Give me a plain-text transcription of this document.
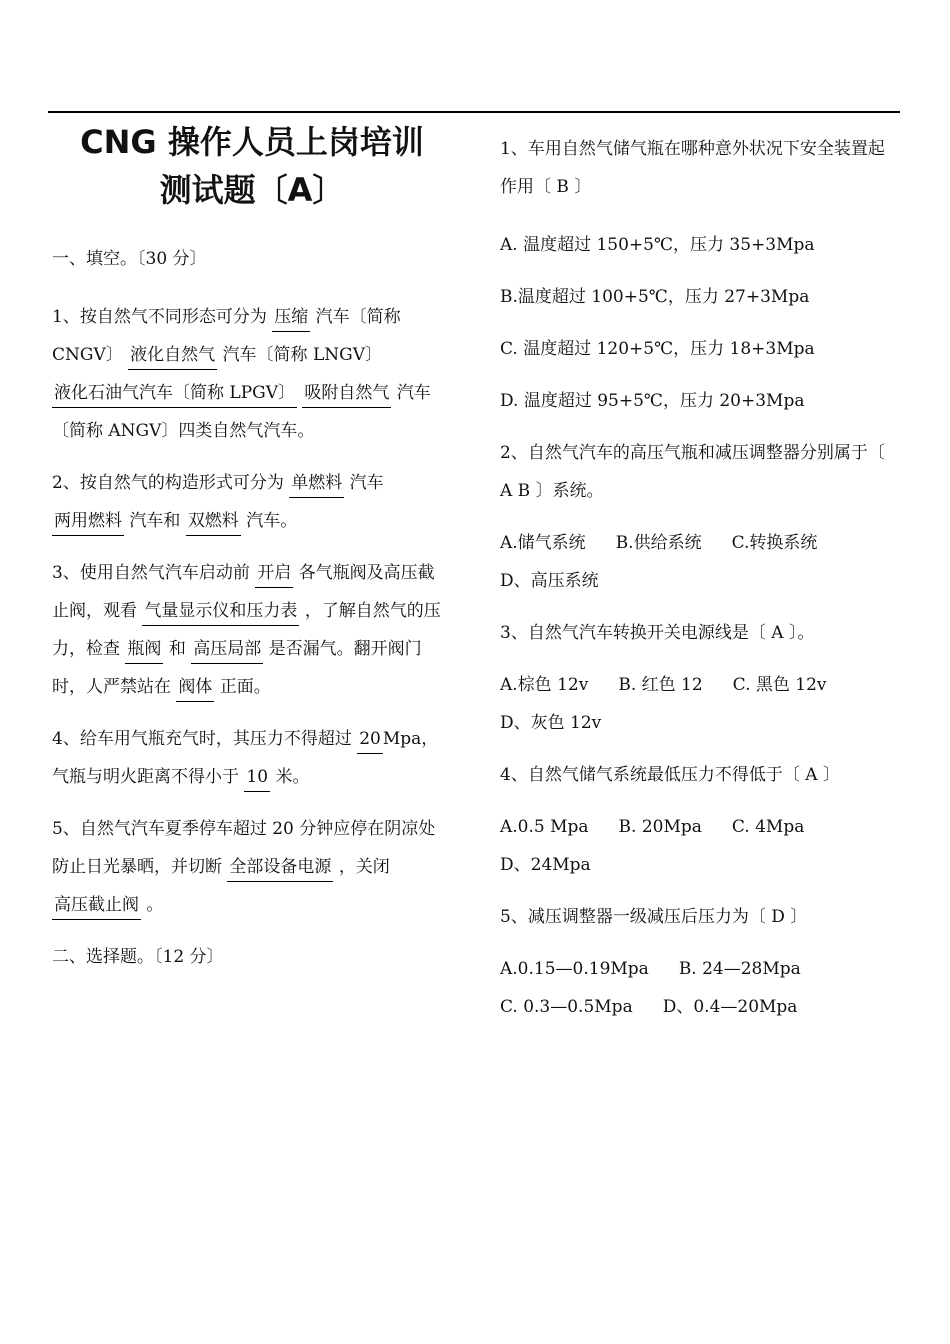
CNG 操作人员上岗培训
测试题〔A〕

一、填空。〔30 分〕

1、按自然气不同形态可分为 压缩 汽车〔简称 CNGV〕 液化自然气 汽车〔简称 LNGV〕 液化石油气汽车〔简称 LPGV〕 吸附自然气 汽车〔简称 ANGV〕四类自然气汽车。

2、按自然气的构造形式可分为 单燃料 汽车 两用燃料 汽车和 双燃料 汽车。

3、使用自然气汽车启动前 开启 各气瓶阀及高压截止阀，观看 气量显示仪和压力表 ，了解自然气的压力，检查 瓶阀 和 高压局部 是否漏气。翻开阀门时，人严禁站在 阀体 正面。

4、给车用气瓶充气时，其压力不得超过 20 Mpa，气瓶与明火距离不得小于 10 米。

5、自然气汽车夏季停车超过 20 分钟应停在阴凉处防止日光暴晒，并切断 全部设备电源 ，关闭 高压截止阀 。

二、选择题。〔12 分〕

1、车用自然气储气瓶在哪种意外状况下安全装置起作用〔 B 〕

A. 温度超过 150+5℃，压力 35+3Mpa

B.温度超过 100+5℃，压力 27+3Mpa

C. 温度超过 120+5℃，压力 18+3Mpa

D. 温度超过 95+5℃，压力 20+3Mpa

2、自然气汽车的高压气瓶和减压调整器分别属于〔 A B 〕系统。

A.储气系统 B.供给系统 C.转换系统
D、高压系统

3、自然气汽车转换开关电源线是〔 A 〕。

A.棕色 12v B. 红色 12 C. 黑色 12v
D、灰色 12v

4、自然气储气系统最低压力不得低于〔 A 〕

A.0.5 Mpa B. 20Mpa C. 4Mpa
D、24Mpa

5、减压调整器一级减压后压力为〔 D 〕

A.0.15—0.19Mpa B. 24—28Mpa
C. 0.3—0.5Mpa D、0.4—20Mpa
